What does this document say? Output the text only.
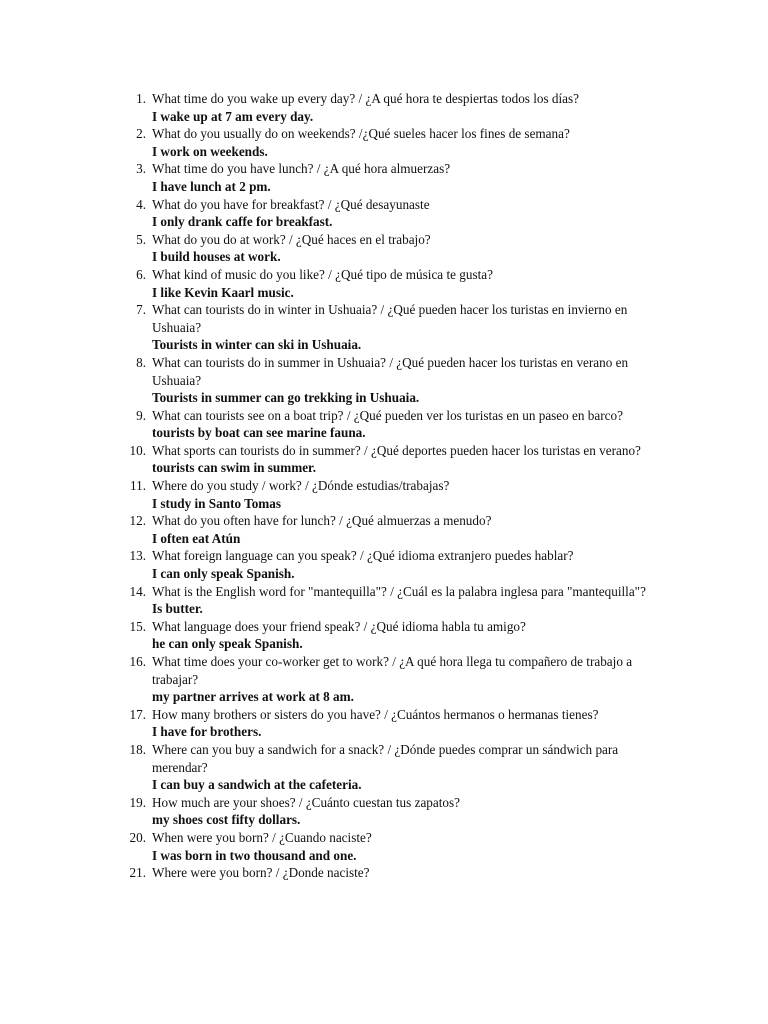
1. What time do you wake up every day? / ¿A qué hora te despiertas todos los días?
I wake up at 7 am every day.
2. What do you usually do on weekends? /¿Qué sueles hacer los fines de semana?
I work on weekends.
3. What time do you have lunch? / ¿A qué hora almuerzas?
I have lunch at 2 pm.
4. What do you have for breakfast? / ¿Qué desayunaste
I only drank caffe for breakfast.
5. What do you do at work? / ¿Qué haces en el trabajo?
I build houses at work.
6. What kind of music do you like? / ¿Qué tipo de música te gusta?
I like Kevin Kaarl music.
7. What can tourists do in winter in Ushuaia? / ¿Qué pueden hacer los turistas en invierno en Ushuaia?
Tourists in winter can ski in Ushuaia.
8. What can tourists do in summer in Ushuaia? / ¿Qué pueden hacer los turistas en verano en Ushuaia?
Tourists in summer can go trekking in Ushuaia.
9. What can tourists see on a boat trip? / ¿Qué pueden ver los turistas en un paseo en barco?
tourists by boat can see marine fauna.
10. What sports can tourists do in summer? / ¿Qué deportes pueden hacer los turistas en verano?
tourists can swim in summer.
11. Where do you study / work? / ¿Dónde estudias/trabajas?
I study in Santo Tomas
12. What do you often have for lunch? / ¿Qué almuerzas a menudo?
I often eat Atún
13. What foreign language can you speak? / ¿Qué idioma extranjero puedes hablar?
I can only speak Spanish.
14. What is the English word for "mantequilla"? / ¿Cuál es la palabra inglesa para "mantequilla"?
Is butter.
15. What language does your friend speak? / ¿Qué idioma habla tu amigo?
he can only speak Spanish.
16. What time does your co-worker get to work? / ¿A qué hora llega tu compañero de trabajo a trabajar?
my partner arrives at work at 8 am.
17. How many brothers or sisters do you have? / ¿Cuántos hermanos o hermanas tienes?
I have for brothers.
18. Where can you buy a sandwich for a snack? / ¿Dónde puedes comprar un sándwich para merendar?
I can buy a sandwich at the cafeteria.
19. How much are your shoes? / ¿Cuánto cuestan tus zapatos?
my shoes cost fifty dollars.
20. When were you born? / ¿Cuando naciste?
I was born in two thousand and one.
21. Where were you born? / ¿Donde naciste?
